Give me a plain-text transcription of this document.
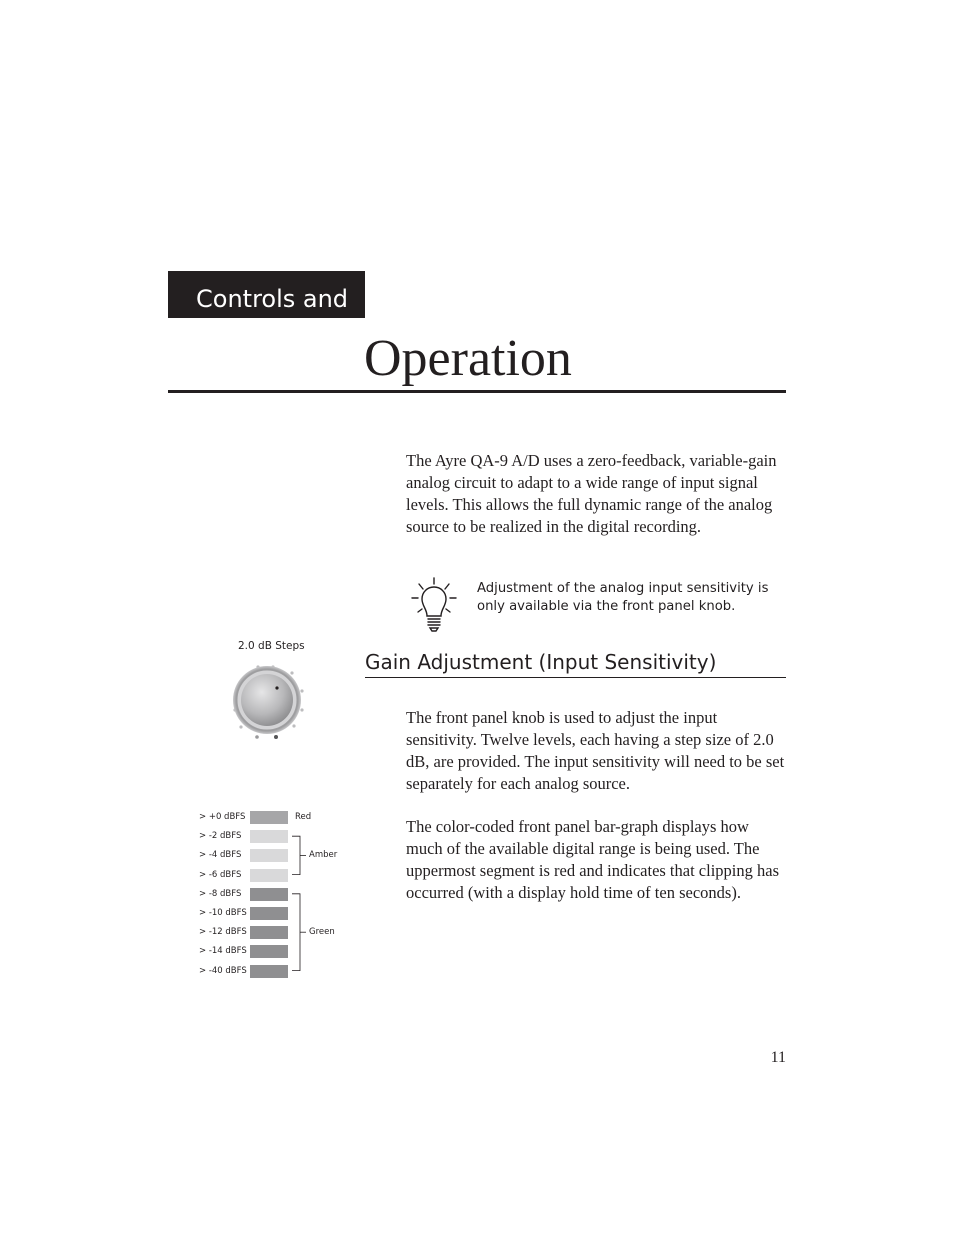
Controls and
Operation
The Ayre QA-9 A/D uses a zero-feedback, variable-gain analog circuit to adapt to a wide range of input signal levels. This allows the full dynamic range of the analog source to be realized in the digital recording.
Adjustment of the analog input sensitivity is only available via the front panel knob.
2.0 dB Steps
> +0 dBFS
> -2 dBFS
> -4 dBFS
> -6 dBFS
> -8 dBFS
> -10 dBFS
> -12 dBFS
> -14 dBFS
> -40 dBFS
Red
Amber
Green
11
Gain Adjustment (Input Sensitivity)
The front panel knob is used to adjust the input sensitivity. Twelve levels, each having a step size of 2.0 dB, are provided. The input sensitivity will need to be set separately for each analog source.
The color-coded front panel bar-graph displays how much of the available digital range is being used. The uppermost segment is red and indicates that clipping has occurred (with a display hold time of ten seconds).
